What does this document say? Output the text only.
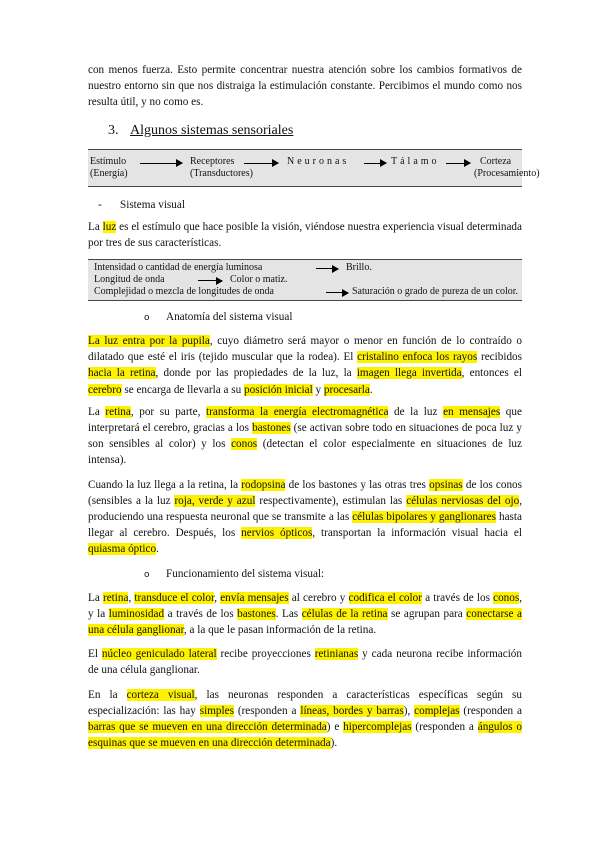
con menos fuerza. Esto permite concentrar nuestra atención sobre los cambios formativos de nuestro entorno sin que nos distraiga la estimulación constante. Percibimos el mundo como nos resulta útil, y no como es.

3. Algunos sistemas sensoriales
Estímulo
(Energía)
Receptores
(Transductores)
Neuronas	Tálamo	Corteza
(Procesamiento)
- Sistema visual

La luz es el estímulo que hace posible la visión, viéndose nuestra experiencia visual determinada por tres de sus características.

Intensidad o cantidad de energía luminosa	Brillo.
Longitud de onda	Color o matiz.
Complejidad o mezcla de longitudes de onda	Saturación o grado de pureza de un color.
o Anatomía del sistema visual

La luz entra por la pupila, cuyo diámetro será mayor o menor en función de lo contraído o dilatado que esté el iris (tejido muscular que la rodea). El cristalino enfoca los rayos recibidos hacia la retina, donde por las propiedades de la luz, la imagen llega invertida, entonces el cerebro se encarga de llevarla a su posición inicial y procesarla.

La retina, por su parte, transforma la energía electromagnética de la luz en mensajes que interpretará el cerebro, gracias a los bastones (se activan sobre todo en situaciones de poca luz y son sensibles al color) y los conos (detectan el color especialmente en situaciones de luz intensa).

Cuando la luz llega a la retina, la rodopsina de los bastones y las otras tres opsinas de los conos (sensibles a la luz roja, verde y azul respectivamente), estimulan las células nerviosas del ojo, produciendo una respuesta neuronal que se transmite a las células bipolares y ganglionares hasta llegar al cerebro. Después, los nervios ópticos, transportan la información visual hacia el quiasma óptico.

o Funcionamiento del sistema visual:

La retina, transduce el color, envía mensajes al cerebro y codifica el color a través de los conos, y la luminosidad a través de los bastones. Las células de la retina se agrupan para conectarse a una célula ganglionar, a la que le pasan información de la retina.

El núcleo geniculado lateral recibe proyecciones retinianas y cada neurona recibe información de una célula ganglionar.

En la corteza visual, las neuronas responden a características específicas según su especialización: las hay simples (responden a líneas, bordes y barras), complejas (responden a barras que se mueven en una dirección determinada) e hipercomplejas (responden a ángulos o esquinas que se mueven en una dirección determinada).
